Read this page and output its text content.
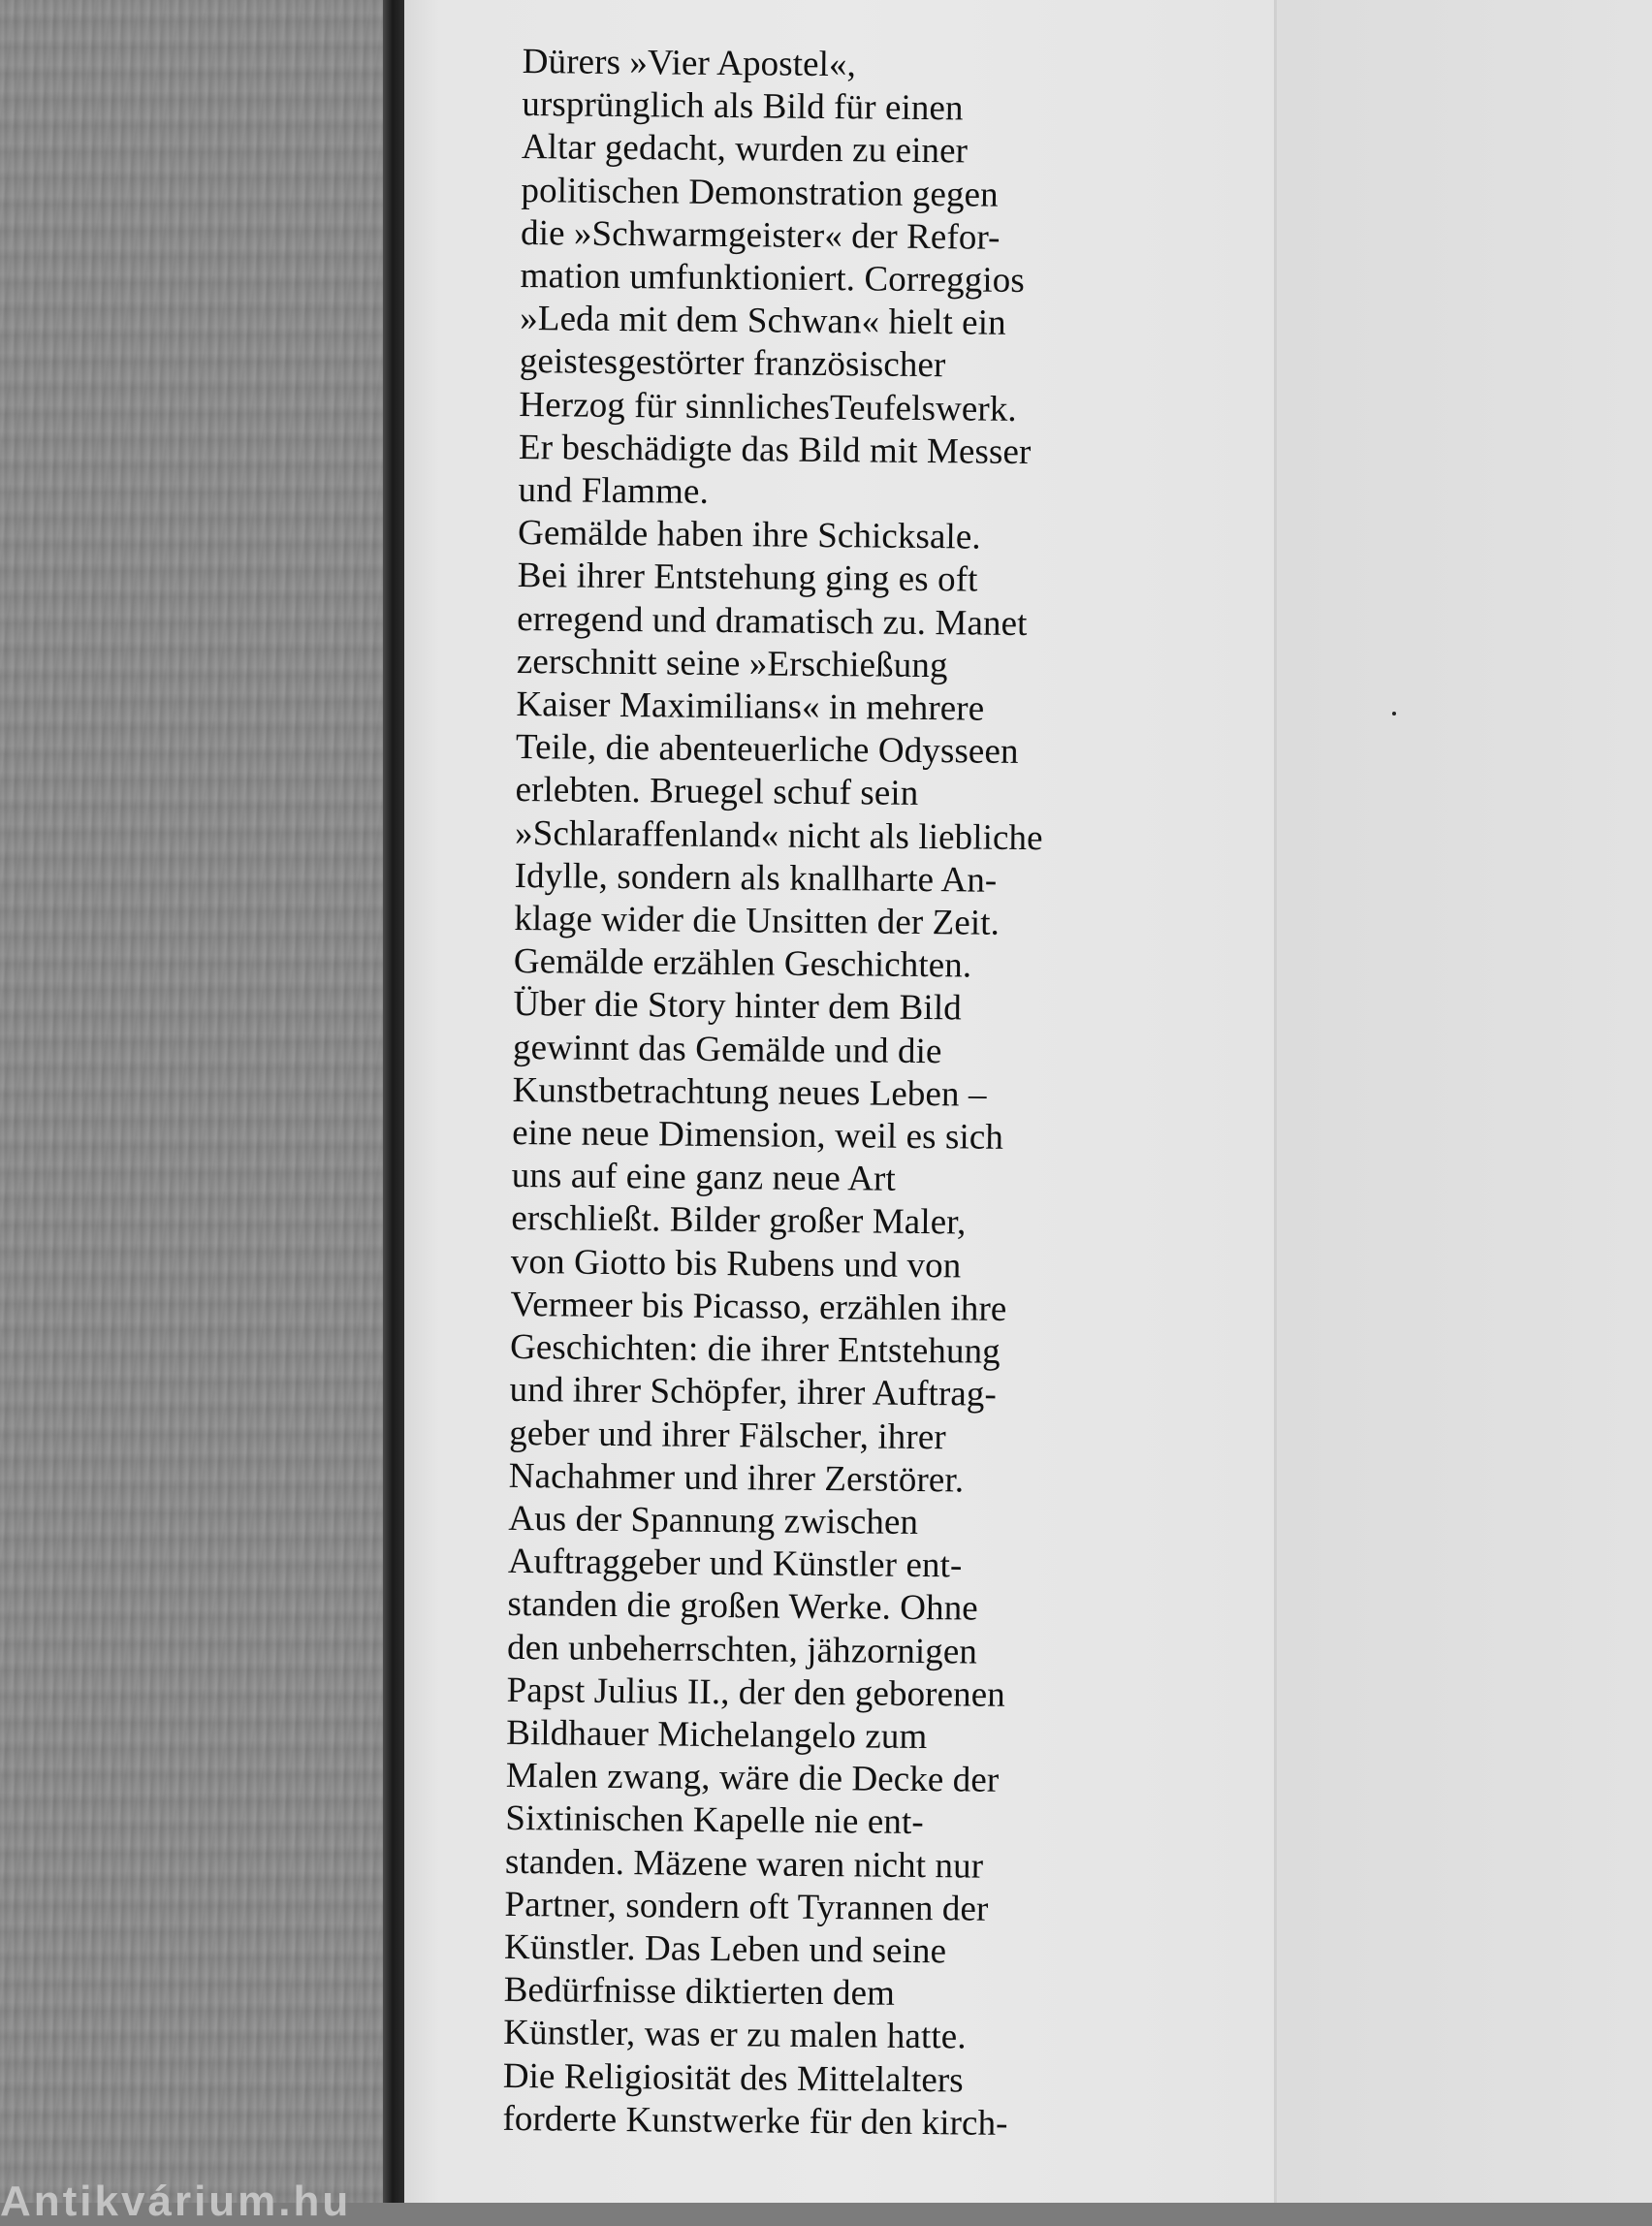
Dürers »Vier Apostel«,
ursprünglich als Bild für einen
Altar gedacht, wurden zu einer
politischen Demonstration gegen
die »Schwarmgeister« der Refor-
mation umfunktioniert. Correggios
»Leda mit dem Schwan« hielt ein
geistesgestörter französischer
Herzog für sinnlichesTeufelswerk.
Er beschädigte das Bild mit Messer
und Flamme.
Gemälde haben ihre Schicksale.
Bei ihrer Entstehung ging es oft
erregend und dramatisch zu. Manet
zerschnitt seine »Erschießung
Kaiser Maximilians« in mehrere
Teile, die abenteuerliche Odysseen
erlebten. Bruegel schuf sein
»Schlaraffenland« nicht als liebliche
Idylle, sondern als knallharte An-
klage wider die Unsitten der Zeit.
Gemälde erzählen Geschichten.
Über die Story hinter dem Bild
gewinnt das Gemälde und die
Kunstbetrachtung neues Leben –
eine neue Dimension, weil es sich
uns auf eine ganz neue Art
erschließt. Bilder großer Maler,
von Giotto bis Rubens und von
Vermeer bis Picasso, erzählen ihre
Geschichten: die ihrer Entstehung
und ihrer Schöpfer, ihrer Auftrag-
geber und ihrer Fälscher, ihrer
Nachahmer und ihrer Zerstörer.
Aus der Spannung zwischen
Auftraggeber und Künstler ent-
standen die großen Werke. Ohne
den unbeherrschten, jähzornigen
Papst Julius II., der den geborenen
Bildhauer Michelangelo zum
Malen zwang, wäre die Decke der
Sixtinischen Kapelle nie ent-
standen. Mäzene waren nicht nur
Partner, sondern oft Tyrannen der
Künstler. Das Leben und seine
Bedürfnisse diktierten dem
Künstler, was er zu malen hatte.
Die Religiosität des Mittelalters
forderte Kunstwerke für den kirch-
Antikvárium.hu
